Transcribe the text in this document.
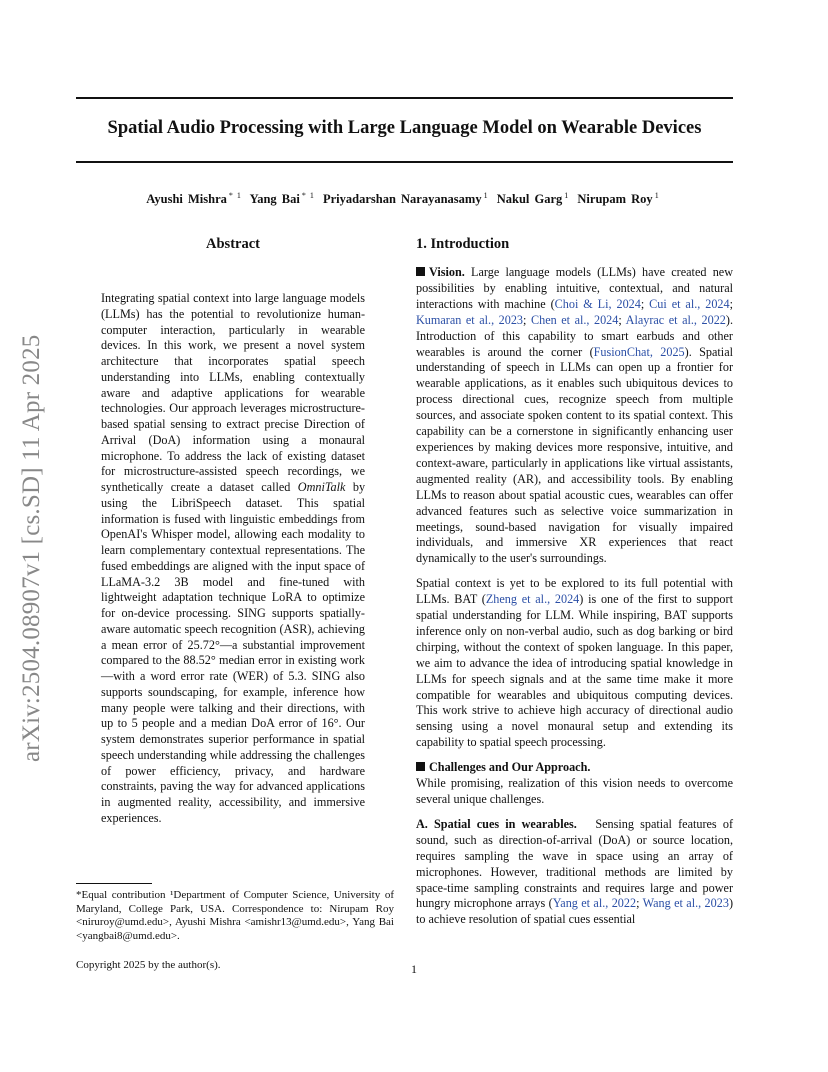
Spatial Audio Processing with Large Language Model on Wearable Devices
Ayushi Mishra $^{* 1}$ Yang Bai $^{* 1}$ Priyadarshan Narayanasamy $^1$ Nakul Garg $^1$ Nirupam Roy $^1$
arXiv:2504.08907v1 [cs.SD] 11 Apr 2025
Abstract

Integrating spatial context into large language models (LLMs) has the potential to revolutionize human-computer interaction, particularly in wearable devices. In this work, we present a novel system architecture that incorporates spatial speech understanding into LLMs, enabling contextually aware and adaptive applications for wearable technologies. Our approach leverages microstructure-based spatial sensing to extract precise Direction of Arrival (DoA) information using a monaural microphone. To address the lack of existing dataset for microstructure-assisted speech recordings, we synthetically create a dataset called OmniTalk by using the LibriSpeech dataset. This spatial information is fused with linguistic embeddings from OpenAI's Whisper model, allowing each modality to learn complementary contextual representations. The fused embeddings are aligned with the input space of LLaMA-3.2 3B model and fine-tuned with lightweight adaptation technique LoRA to optimize for on-device processing. SING supports spatially-aware automatic speech recognition (ASR), achieving a mean error of 25.72°—a substantial improvement compared to the 88.52° median error in existing work—with a word error rate (WER) of 5.3. SING also supports soundscaping, for example, inference how many people were talking and their directions, with up to 5 people and a median DoA error of 16°. Our system demonstrates superior performance in spatial speech understanding while addressing the challenges of power efficiency, privacy, and hardware constraints, paving the way for advanced applications in augmented reality, accessibility, and immersive experiences.

*Equal contribution ¹Department of Computer Science, University of Maryland, College Park, USA. Correspondence to: Nirupam Roy <niruroy@umd.edu>, Ayushi Mishra <amishr13@umd.edu>, Yang Bai <yangbai8@umd.edu>.
Copyright 2025 by the author(s).
1. Introduction

Vision. Large language models (LLMs) have created new possibilities by enabling intuitive, contextual, and natural interactions with machine (Choi & Li, 2024; Cui et al., 2024; Kumaran et al., 2023; Chen et al., 2024; Alayrac et al., 2022). Introduction of this capability to smart earbuds and other wearables is around the corner (FusionChat, 2025). Spatial understanding of speech in LLMs can open up a frontier for wearable applications, as it enables such ubiquitous devices to process directional cues, recognize speech from multiple sources, and associate spoken content to its spatial context. This capability can be a cornerstone in significantly enhancing user experiences by making devices more responsive, intuitive, and context-aware, particularly in applications like virtual assistants, augmented reality (AR), and accessibility tools. By enabling LLMs to reason about spatial acoustic cues, wearables can offer advanced features such as selective voice summarization in meetings, sound-based navigation for visually impaired individuals, and immersive XR experiences that react dynamically to the user's surroundings.

Spatial context is yet to be explored to its full potential with LLMs. BAT (Zheng et al., 2024) is one of the first to support spatial understanding for LLM. While inspiring, BAT supports inference only on non-verbal audio, such as dog barking or bird chirping, without the context of spoken language. In this paper, we aim to advance the idea of introducing spatial knowledge in LLMs for speech signals and at the same time make it more compatible for wearables and ubiquitous computing devices. This work strive to achieve high accuracy of directional audio sensing using a novel monaural setup and extending its capability to spatial speech processing.

Challenges and Our Approach.

While promising, realization of this vision needs to overcome several unique challenges.

A. Spatial cues in wearables. Sensing spatial features of sound, such as direction-of-arrival (DoA) or source location, requires sampling the wave in space using an array of microphones. However, traditional methods are limited by space-time sampling constraints and requires large and power hungry microphone arrays (Yang et al., 2022; Wang et al., 2023) to achieve resolution of spatial cues essential

1
